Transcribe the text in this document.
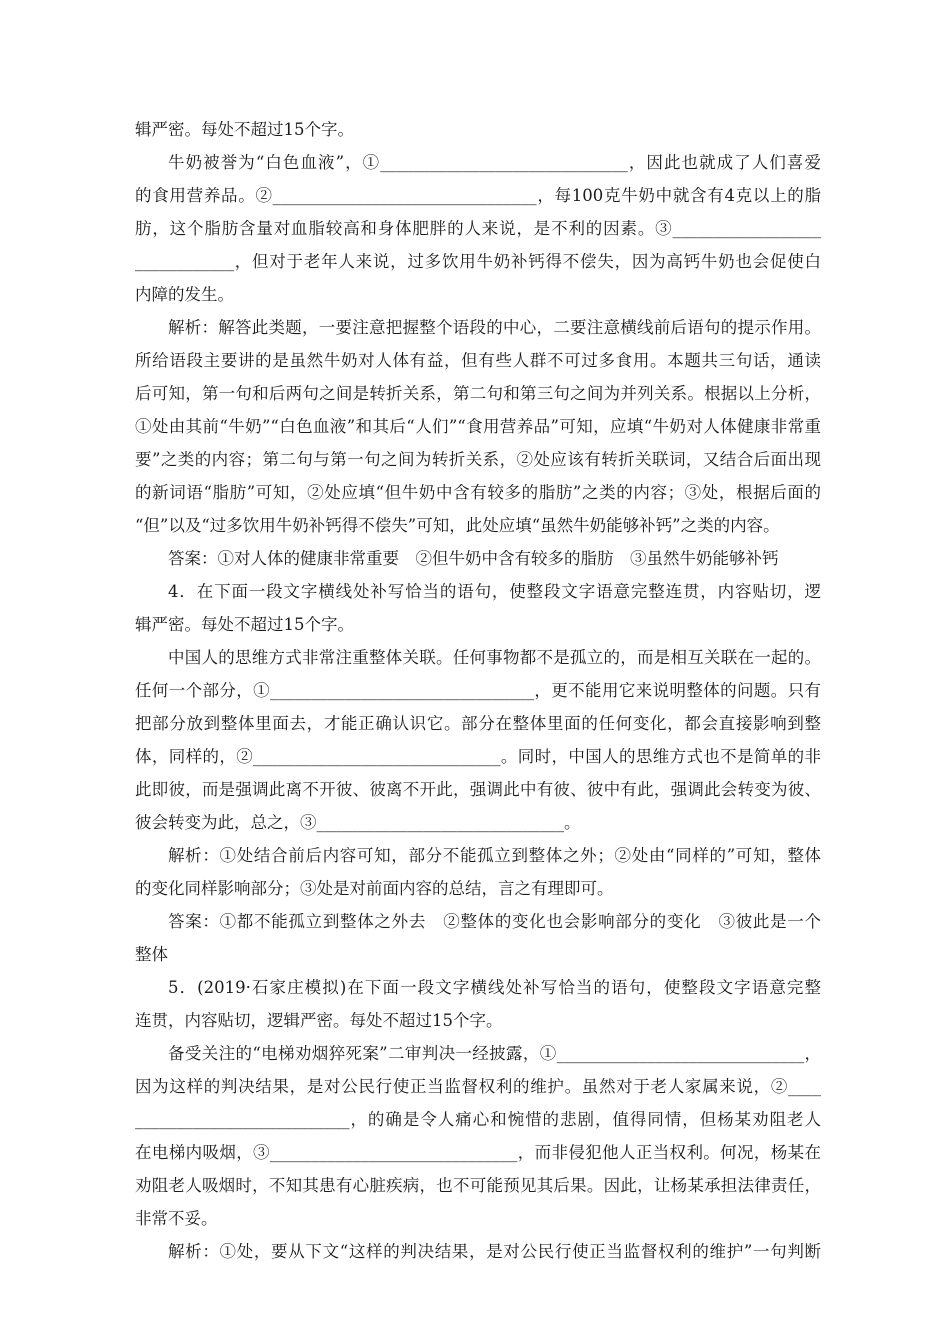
辑严密。每处不超过15个字。
牛奶被誉为“白色血液”，①______________________________，因此也就成了人们喜爱
的食用营养品。②________________________________，每100克牛奶中就含有4克以上的脂
肪，这个脂肪含量对血脂较高和身体肥胖的人来说，是不利的因素。③__________________
____________，但对于老年人来说，过多饮用牛奶补钙得不偿失，因为高钙牛奶也会促使白
内障的发生。
解析：解答此类题，一要注意把握整个语段的中心，二要注意横线前后语句的提示作用。
所给语段主要讲的是虽然牛奶对人体有益，但有些人群不可过多食用。本题共三句话，通读
后可知，第一句和后两句之间是转折关系，第二句和第三句之间为并列关系。根据以上分析，
①处由其前“牛奶”“白色血液”和其后“人们”“食用营养品”可知，应填“牛奶对人体健康非常重
要”之类的内容；第二句与第一句之间为转折关系，②处应该有转折关联词，又结合后面出现
的新词语“脂肪”可知，②处应填“但牛奶中含有较多的脂肪”之类的内容；③处，根据后面的
“但”以及“过多饮用牛奶补钙得不偿失”可知，此处应填“虽然牛奶能够补钙”之类的内容。
答案：①对人体的健康非常重要　②但牛奶中含有较多的脂肪　③虽然牛奶能够补钙
4．在下面一段文字横线处补写恰当的语句，使整段文字语意完整连贯，内容贴切，逻
辑严密。每处不超过15个字。
中国人的思维方式非常注重整体关联。任何事物都不是孤立的，而是相互关联在一起的。
任何一个部分，①________________________________，更不能用它来说明整体的问题。只有
把部分放到整体里面去，才能正确认识它。部分在整体里面的任何变化，都会直接影响到整
体，同样的，②______________________________。同时，中国人的思维方式也不是简单的非
此即彼，而是强调此离不开彼、彼离不开此，强调此中有彼、彼中有此，强调此会转变为彼、
彼会转变为此，总之，③______________________________。
解析：①处结合前后内容可知，部分不能孤立到整体之外；②处由“同样的”可知，整体
的变化同样影响部分；③处是对前面内容的总结，言之有理即可。
答案：①都不能孤立到整体之外去　②整体的变化也会影响部分的变化　③彼此是一个
整体
5．(2019·石家庄模拟)在下面一段文字横线处补写恰当的语句，使整段文字语意完整
连贯，内容贴切，逻辑严密。每处不超过15个字。
备受关注的“电梯劝烟猝死案”二审判决一经披露，①______________________________，
因为这样的判决结果，是对公民行使正当监督权利的维护。虽然对于老人家属来说，②____
__________________________，的确是令人痛心和惋惜的悲剧，值得同情，但杨某劝阻老人
在电梯内吸烟，③______________________________，而非侵犯他人正当权利。何况，杨某在
劝阻老人吸烟时，不知其患有心脏疾病，也不可能预见其后果。因此，让杨某承担法律责任，
非常不妥。
解析：①处，要从下文“这样的判决结果，是对公民行使正当监督权利的维护”一句判断
